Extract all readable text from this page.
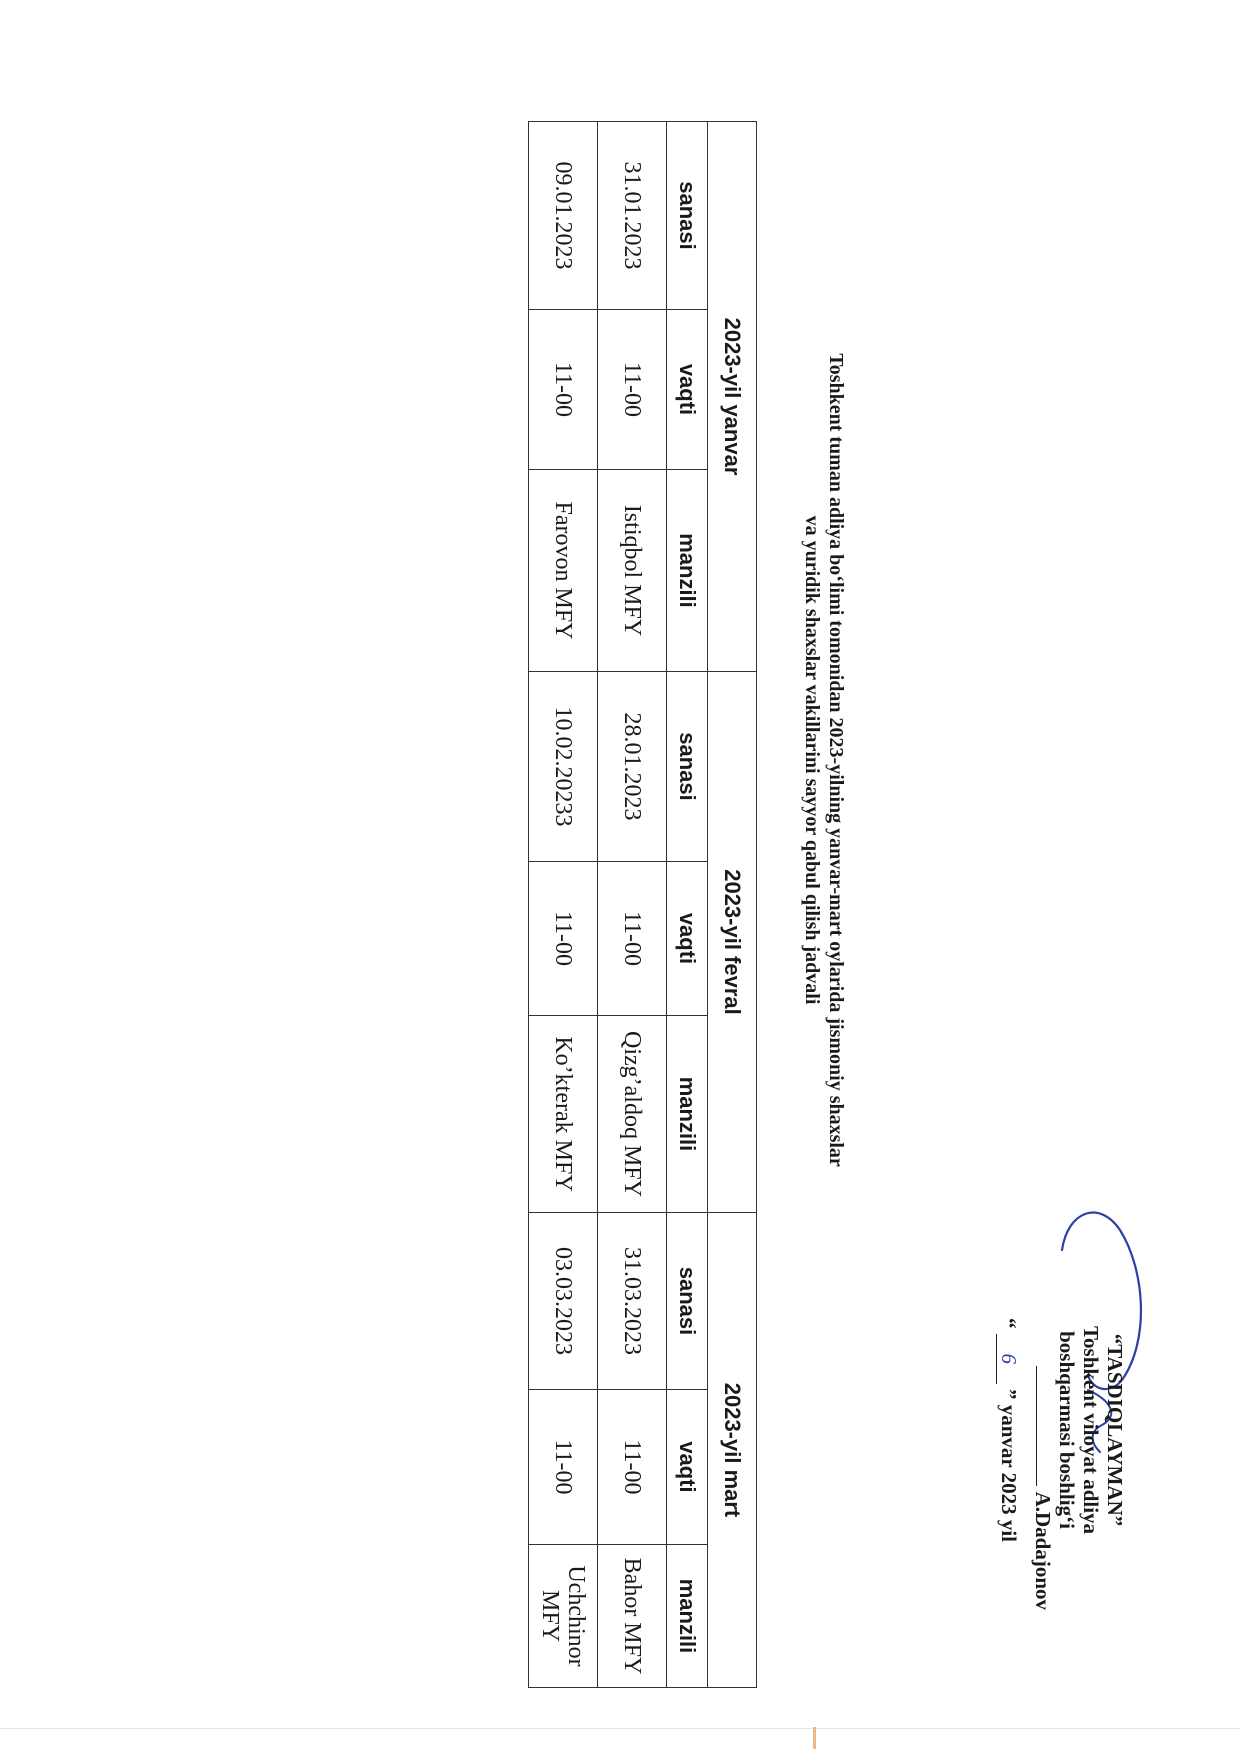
“TASDIQLAYMAN”
Toshkent viloyat adliya
boshqarmasi boshlig‘i
A.Dadajonov
“ 6 ” yanvar 2023 yil
Toshkent tuman adliya bo‘limi tomonidan 2023-yilning yanvar-mart oylarida jismoniy shaxslar
va yuridik shaxslar vakillarini sayyor qabul qilish jadvali
2023-yil yanvar			2023-yil fevral			2023-yil mart		
sanasi	vaqti	manzili	sanasi	vaqti	manzili	sanasi	vaqti	manzili
31.01.2023	11-00	Istiqbol MFY	28.01.2023	11-00	Qizg’aldoq MFY	31.03.2023	11-00	Bahor MFY
09.01.2023	11-00	Farovon MFY	10.02.20233	11-00	Ko’kterak MFY	03.03.2023	11-00	Uchchinor MFY
